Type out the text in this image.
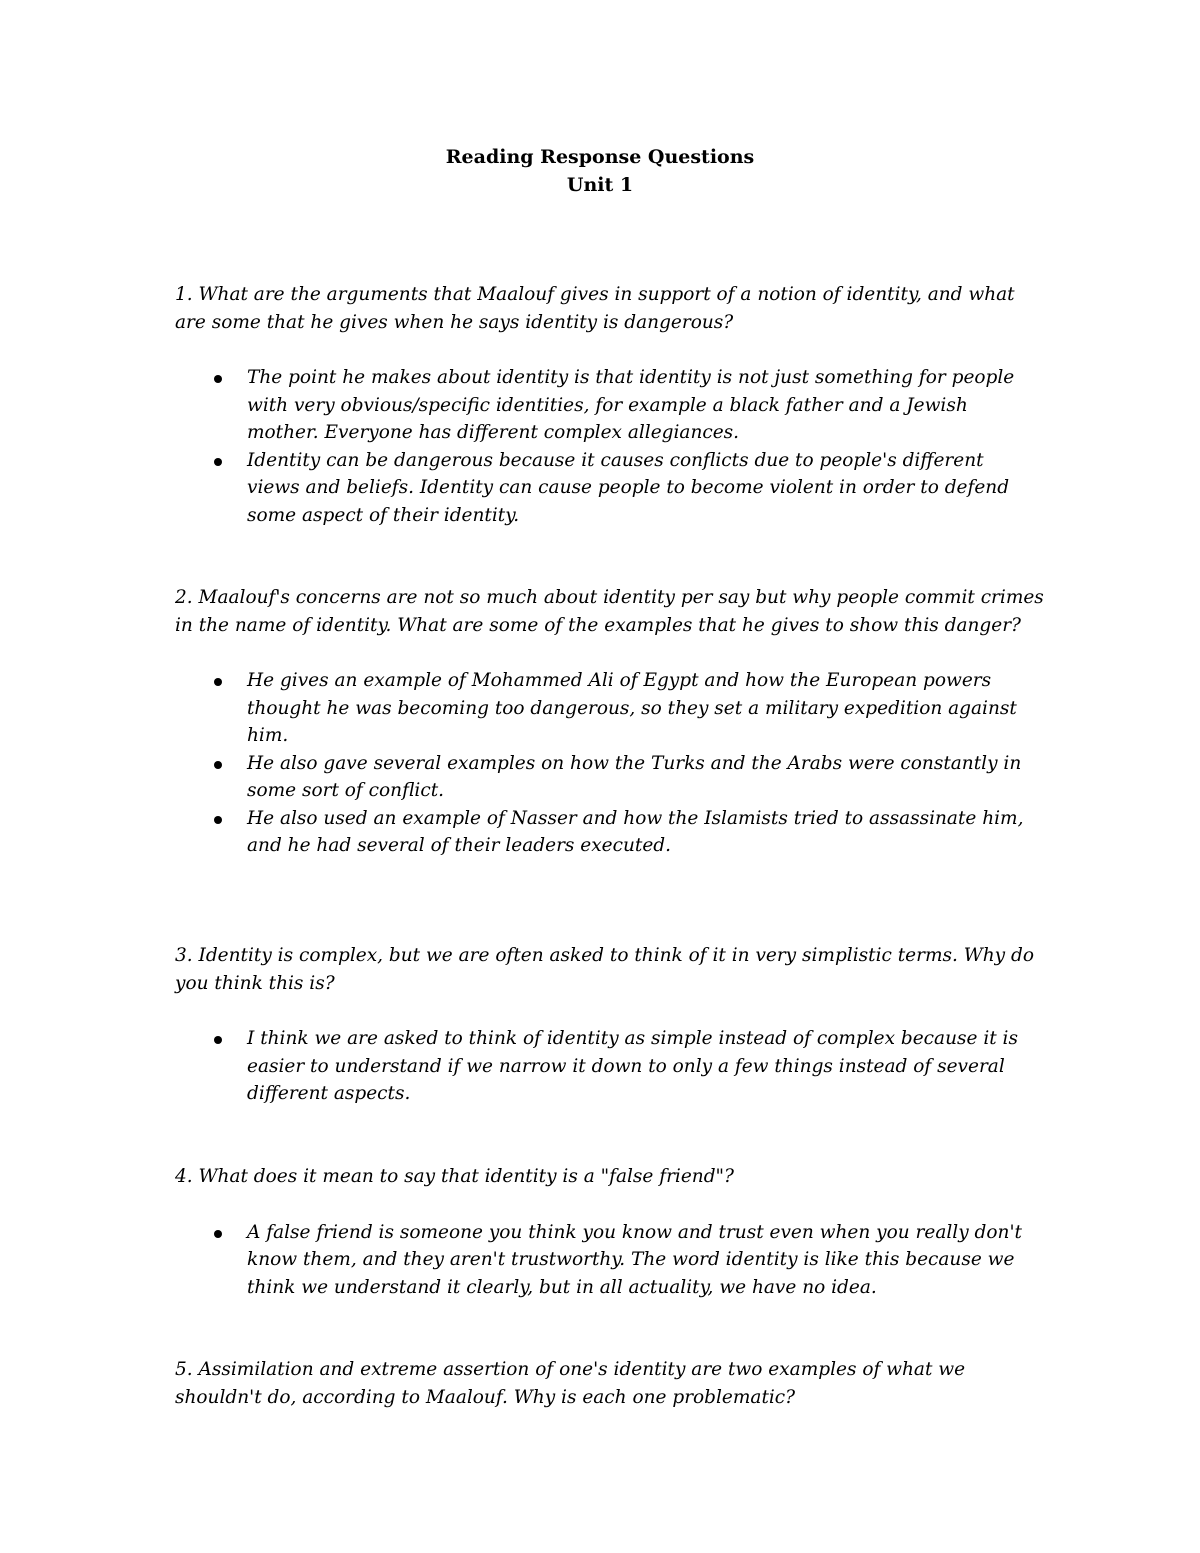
Reading Response Questions
Unit 1

1. What are the arguments that Maalouf gives in support of a notion of identity, and what are some that he gives when he says identity is dangerous?

The point he makes about identity is that identity is not just something for people with very obvious/specific identities, for example a black father and a Jewish mother. Everyone has different complex allegiances.
Identity can be dangerous because it causes conflicts due to people's different views and beliefs. Identity can cause people to become violent in order to defend some aspect of their identity.

2. Maalouf's concerns are not so much about identity per say but why people commit crimes in the name of identity. What are some of the examples that he gives to show this danger?

He gives an example of Mohammed Ali of Egypt and how the European powers thought he was becoming too dangerous, so they set a military expedition against him.
He also gave several examples on how the Turks and the Arabs were constantly in some sort of conflict.
He also used an example of Nasser and how the Islamists tried to assassinate him, and he had several of their leaders executed.

3. Identity is complex, but we are often asked to think of it in very simplistic terms. Why do you think this is?

I think we are asked to think of identity as simple instead of complex because it is easier to understand if we narrow it down to only a few things instead of several different aspects.

4. What does it mean to say that identity is a "false friend"?

A false friend is someone you think you know and trust even when you really don't know them, and they aren't trustworthy. The word identity is like this because we think we understand it clearly, but in all actuality, we have no idea.

5. Assimilation and extreme assertion of one's identity are two examples of what we shouldn't do, according to Maalouf. Why is each one problematic?
